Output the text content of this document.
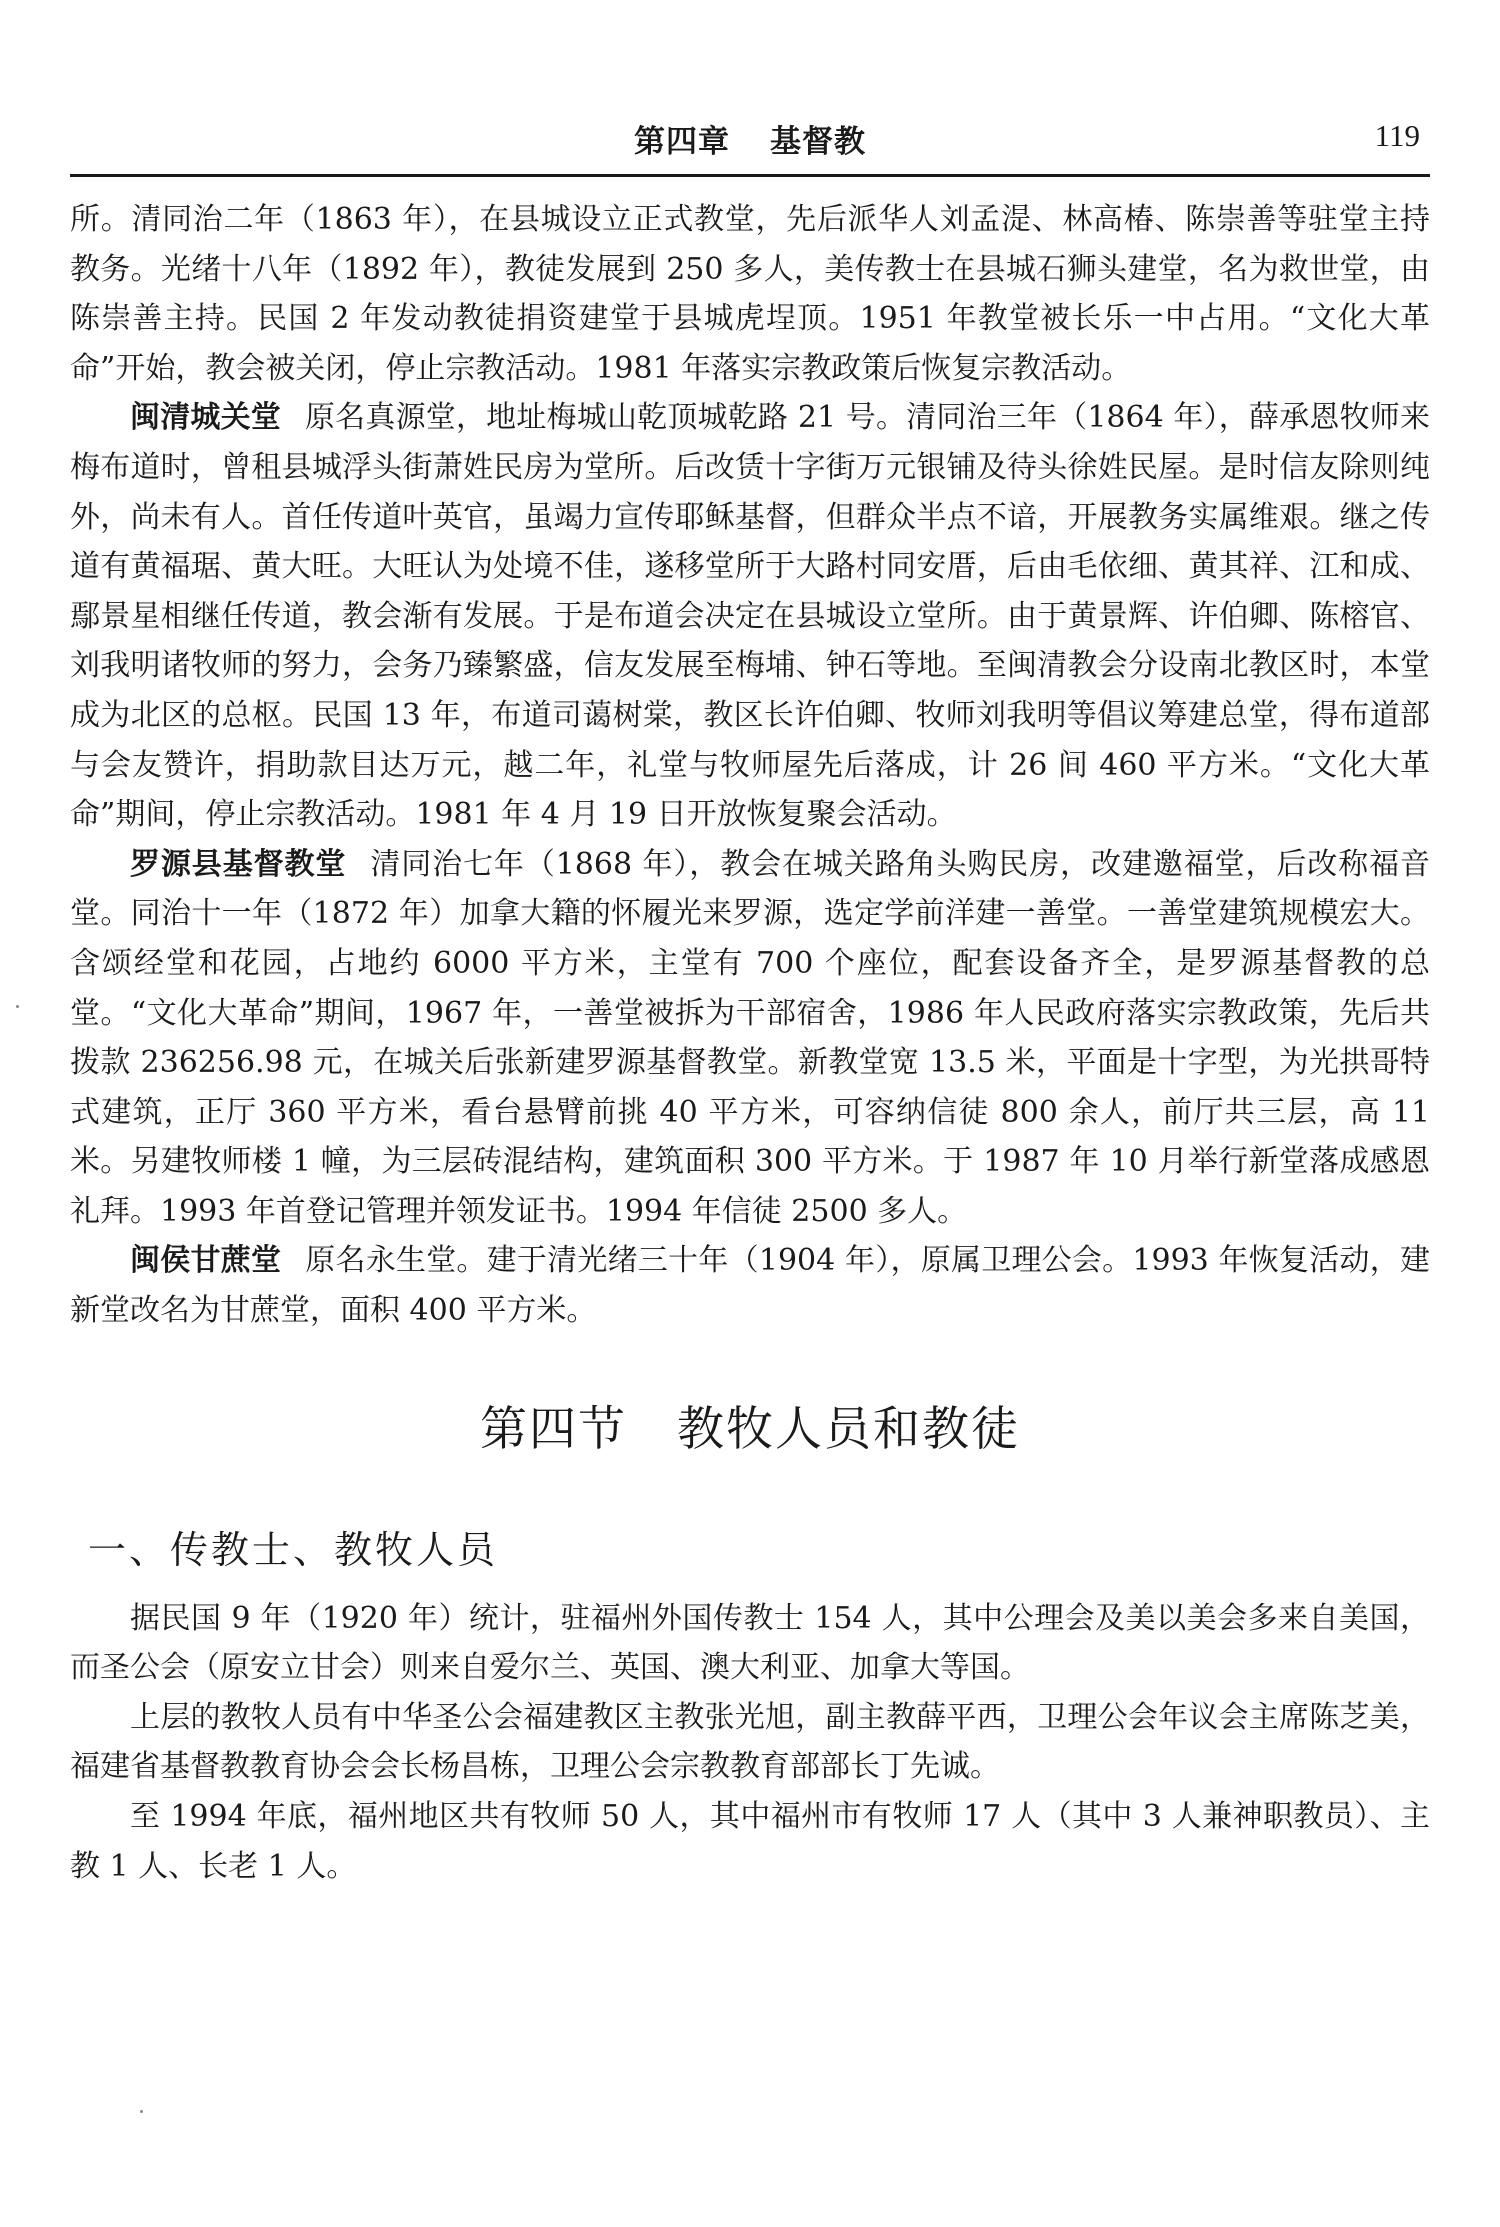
第四章 基督教	119

所。清同治二年（1863 年），在县城设立正式教堂，先后派华人刘孟湜、林高椿、陈崇善等驻堂主持教务。光绪十八年（1892 年），教徒发展到 250 多人，美传教士在县城石狮头建堂，名为救世堂，由陈崇善主持。民国 2 年发动教徒捐资建堂于县城虎埕顶。1951 年教堂被长乐一中占用。“文化大革命”开始，教会被关闭，停止宗教活动。1981 年落实宗教政策后恢复宗教活动。

闽清城关堂 原名真源堂，地址梅城山乾顶城乾路 21 号。清同治三年（1864 年），薛承恩牧师来梅布道时，曾租县城浮头街萧姓民房为堂所。后改赁十字街万元银铺及待头徐姓民屋。是时信友除则纯外，尚未有人。首任传道叶英官，虽竭力宣传耶稣基督，但群众半点不谙，开展教务实属维艰。继之传道有黄福琚、黄大旺。大旺认为处境不佳，遂移堂所于大路村同安厝，后由毛依细、黄其祥、江和成、鄢景星相继任传道，教会渐有发展。于是布道会决定在县城设立堂所。由于黄景辉、许伯卿、陈榕官、刘我明诸牧师的努力，会务乃臻繁盛，信友发展至梅埔、钟石等地。至闽清教会分设南北教区时，本堂成为北区的总枢。民国 13 年，布道司蔼树棠，教区长许伯卿、牧师刘我明等倡议筹建总堂，得布道部与会友赞许，捐助款目达万元，越二年，礼堂与牧师屋先后落成，计 26 间 460 平方米。“文化大革命”期间，停止宗教活动。1981 年 4 月 19 日开放恢复聚会活动。

罗源县基督教堂 清同治七年（1868 年），教会在城关路角头购民房，改建邀福堂，后改称福音堂。同治十一年（1872 年）加拿大籍的怀履光来罗源，选定学前洋建一善堂。一善堂建筑规模宏大。含颂经堂和花园，占地约 6000 平方米，主堂有 700 个座位，配套设备齐全，是罗源基督教的总堂。“文化大革命”期间，1967 年，一善堂被拆为干部宿舍，1986 年人民政府落实宗教政策，先后共拨款 236256.98 元，在城关后张新建罗源基督教堂。新教堂宽 13.5 米，平面是十字型，为光拱哥特式建筑，正厅 360 平方米，看台悬臂前挑 40 平方米，可容纳信徒 800 余人，前厅共三层，高 11 米。另建牧师楼 1 幢，为三层砖混结构，建筑面积 300 平方米。于 1987 年 10 月举行新堂落成感恩礼拜。1993 年首登记管理并领发证书。1994 年信徒 2500 多人。

闽侯甘蔗堂 原名永生堂。建于清光绪三十年（1904 年），原属卫理公会。1993 年恢复活动，建新堂改名为甘蔗堂，面积 400 平方米。

第四节 教牧人员和教徒
一、传教士、教牧人员

据民国 9 年（1920 年）统计，驻福州外国传教士 154 人，其中公理会及美以美会多来自美国，而圣公会（原安立甘会）则来自爱尔兰、英国、澳大利亚、加拿大等国。

上层的教牧人员有中华圣公会福建教区主教张光旭，副主教薛平西，卫理公会年议会主席陈芝美，福建省基督教教育协会会长杨昌栋，卫理公会宗教教育部部长丁先诚。

至 1994 年底，福州地区共有牧师 50 人，其中福州市有牧师 17 人（其中 3 人兼神职教员）、主教 1 人、长老 1 人。
